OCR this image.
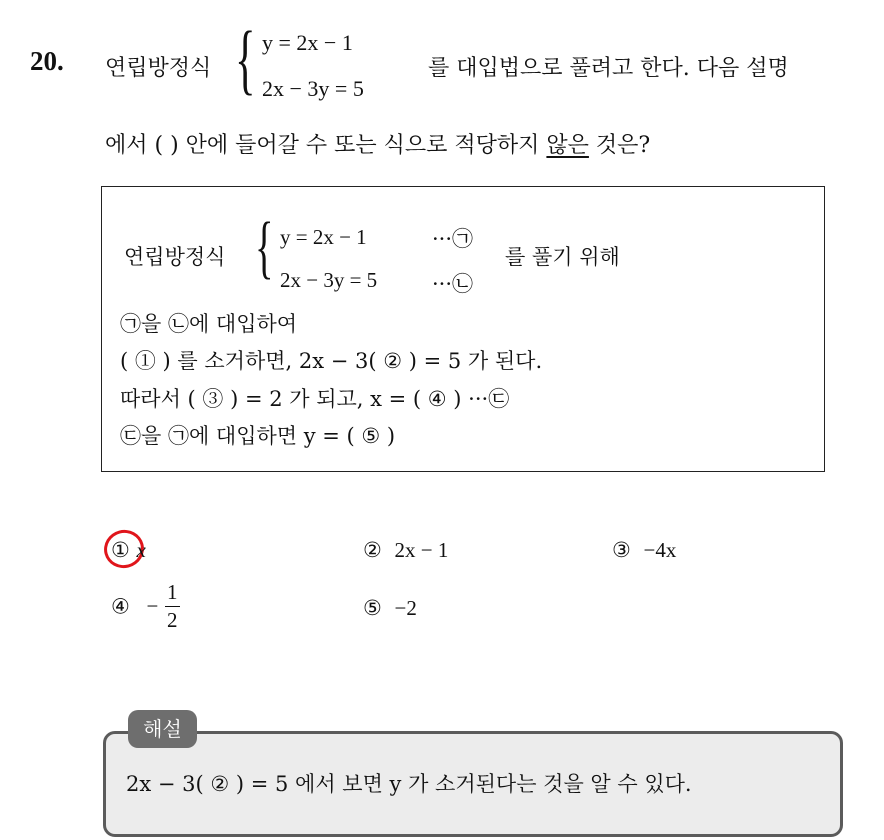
20. 연립방정식 { y = 2x − 1
2x − 3y = 5
를 대입법으로 풀려고 한다. 다음 설명
에서 ( ) 안에 들어갈 수 또는 식으로 적당하지 않은 것은?
연립방정식 { y = 2x − 1	···㉠
2x − 3y = 5	···㉡
를 풀기 위해
㉠을 ㉡에 대입하여
( ① ) 를 소거하면, 2x − 3( ② ) = 5 가 된다.
따라서 ( ③ ) = 2 가 되고, x = ( ④ ) ···㉢
㉢을 ㉠에 대입하면 y = ( ⑤ )
① x	② 2x − 1	③ −4x
④ − $\frac{1}{2}$	⑤ −2
해설
2x − 3( ② ) = 5 에서 보면 y 가 소거된다는 것을 알 수 있다.
